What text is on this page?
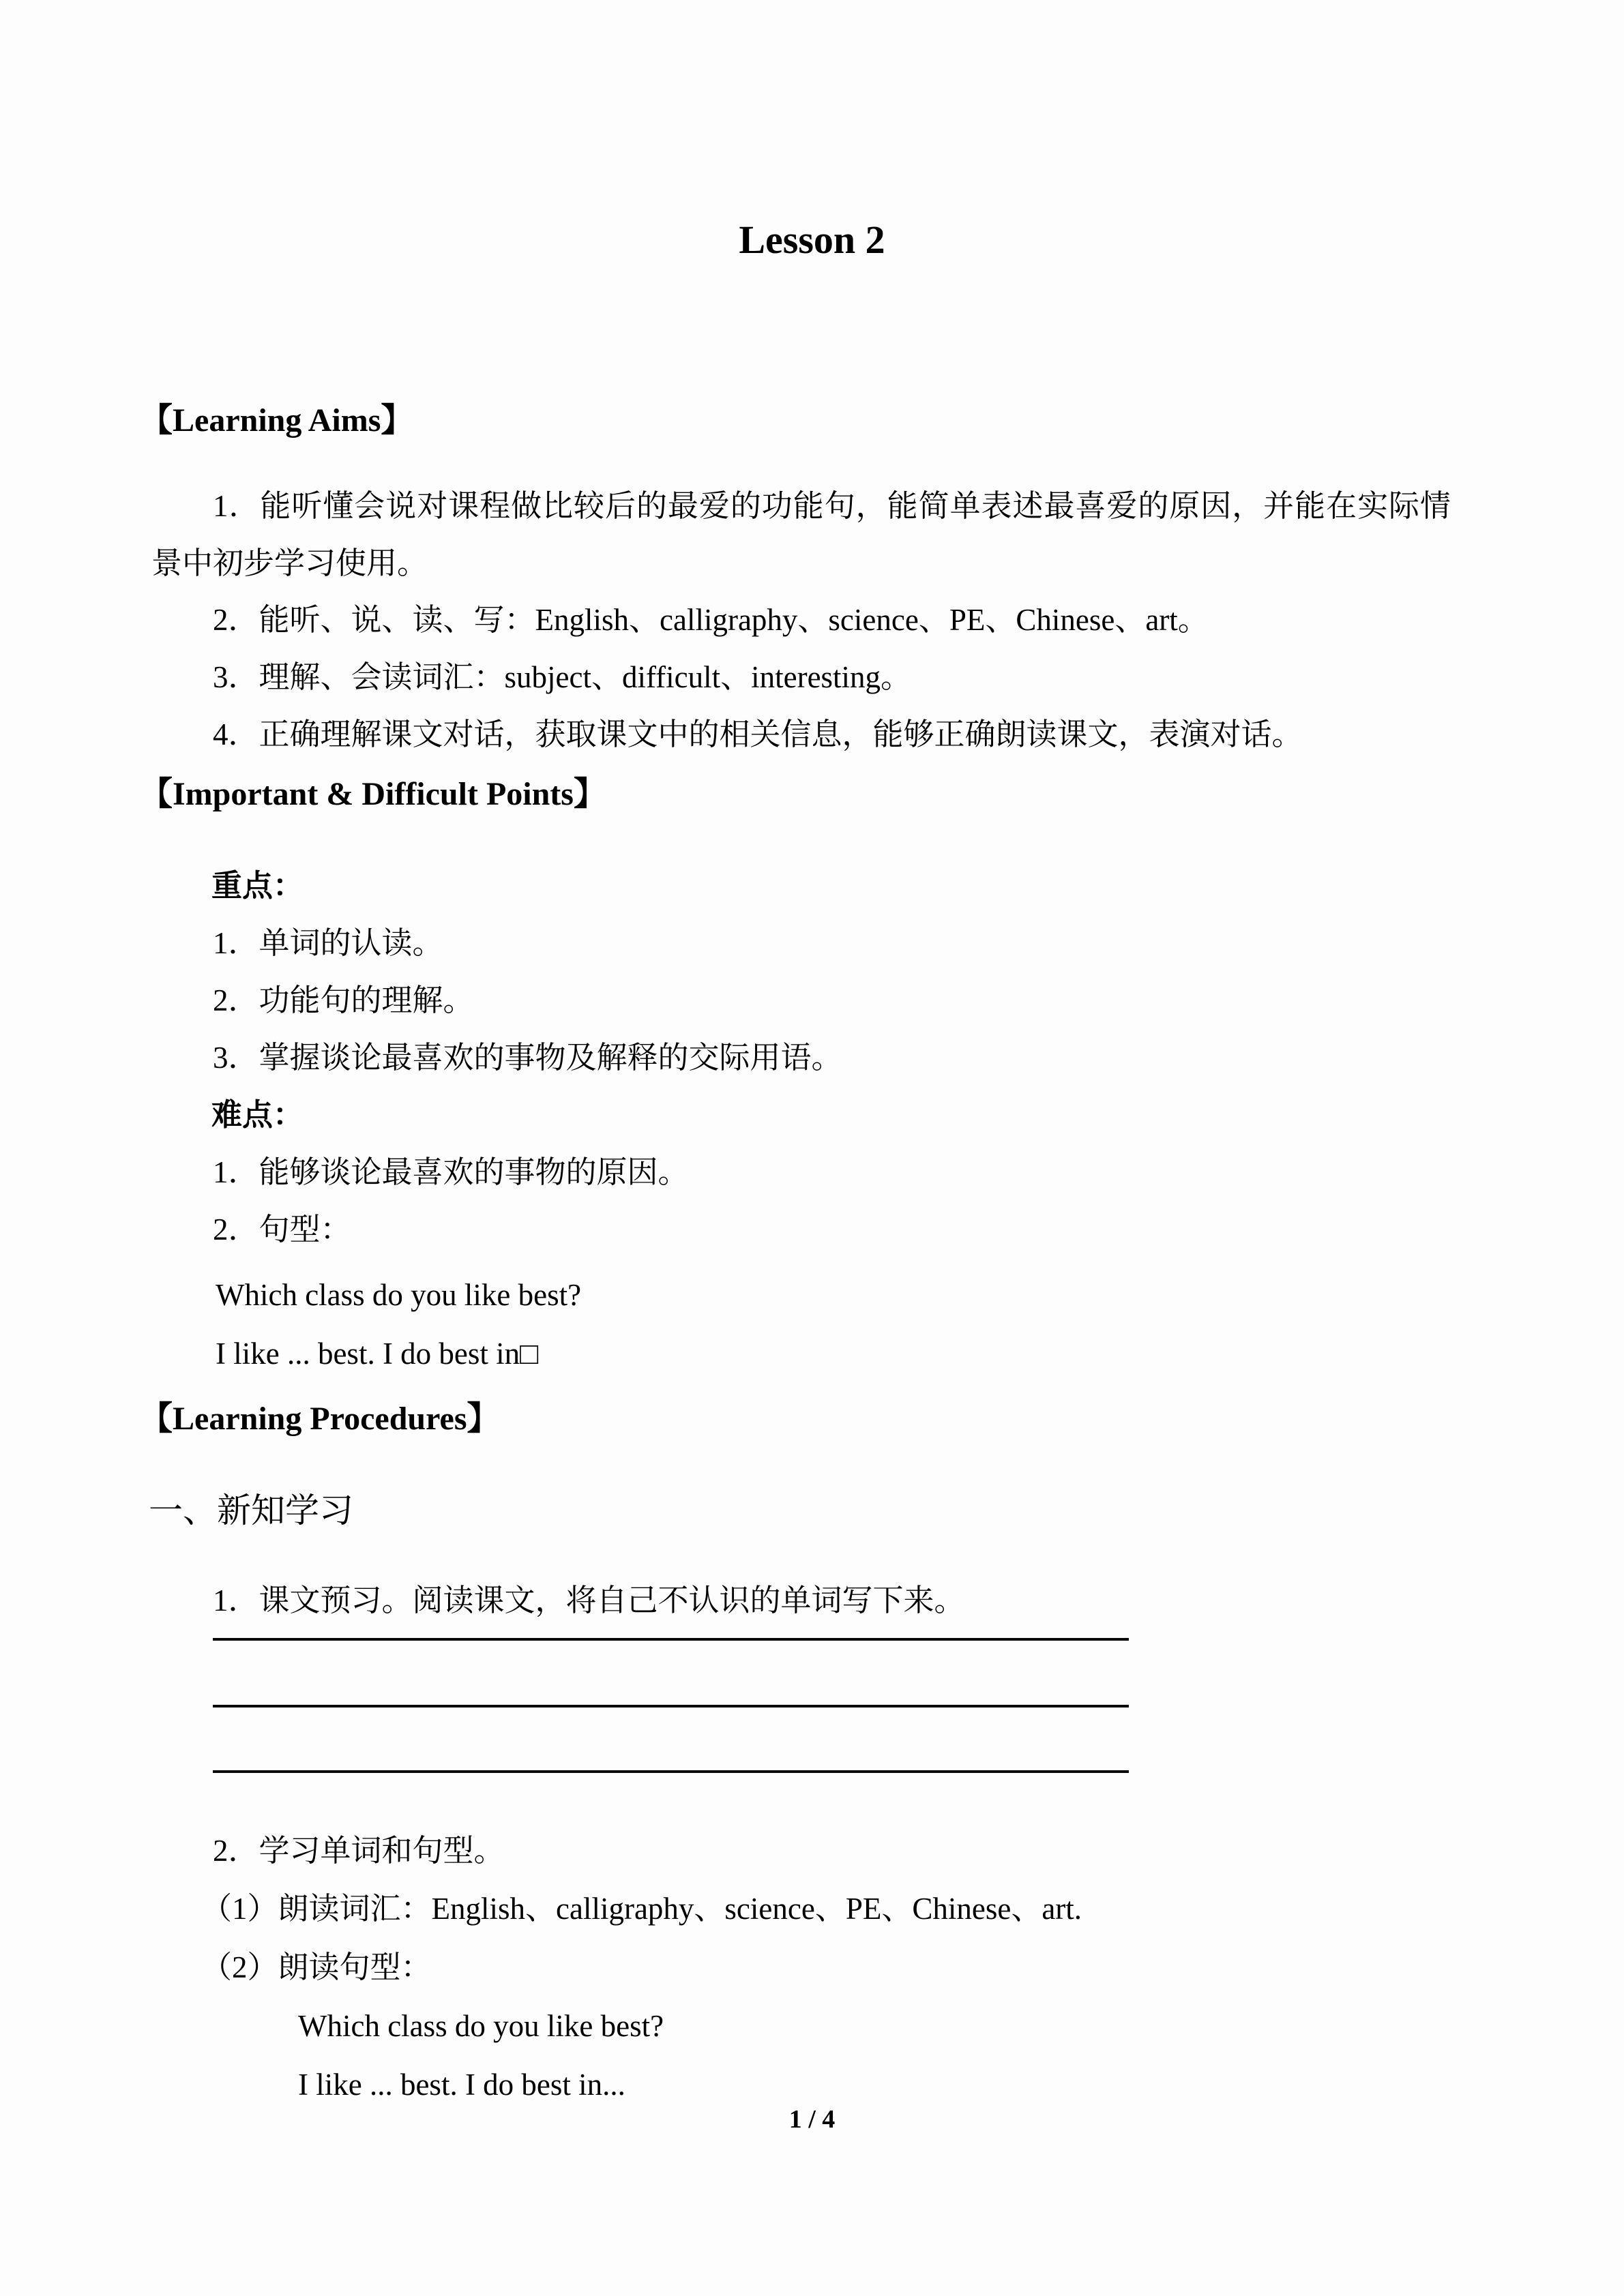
Lesson 2
【Learning Aims】
1．能听懂会说对课程做比较后的最爱的功能句，能简单表述最喜爱的原因，并能在实际情景中初步学习使用。
2．能听、说、读、写：English、calligraphy、science、PE、Chinese、art。
3．理解、会读词汇：subject、difficult、interesting。
4．正确理解课文对话，获取课文中的相关信息，能够正确朗读课文，表演对话。
【Important & Difficult Points】
重点：
1．单词的认读。
2．功能句的理解。
3．掌握谈论最喜欢的事物及解释的交际用语。
难点：
1．能够谈论最喜欢的事物的原因。
2．句型：
Which class do you like best?
I like ... best. I do best in□
【Learning Procedures】
一、新知学习
1．课文预习。阅读课文，将自己不认识的单词写下来。
2．学习单词和句型。
（1）朗读词汇：English、calligraphy、science、PE、Chinese、art.
（2）朗读句型：
Which class do you like best?
I like ... best. I do best in...
1 / 4
